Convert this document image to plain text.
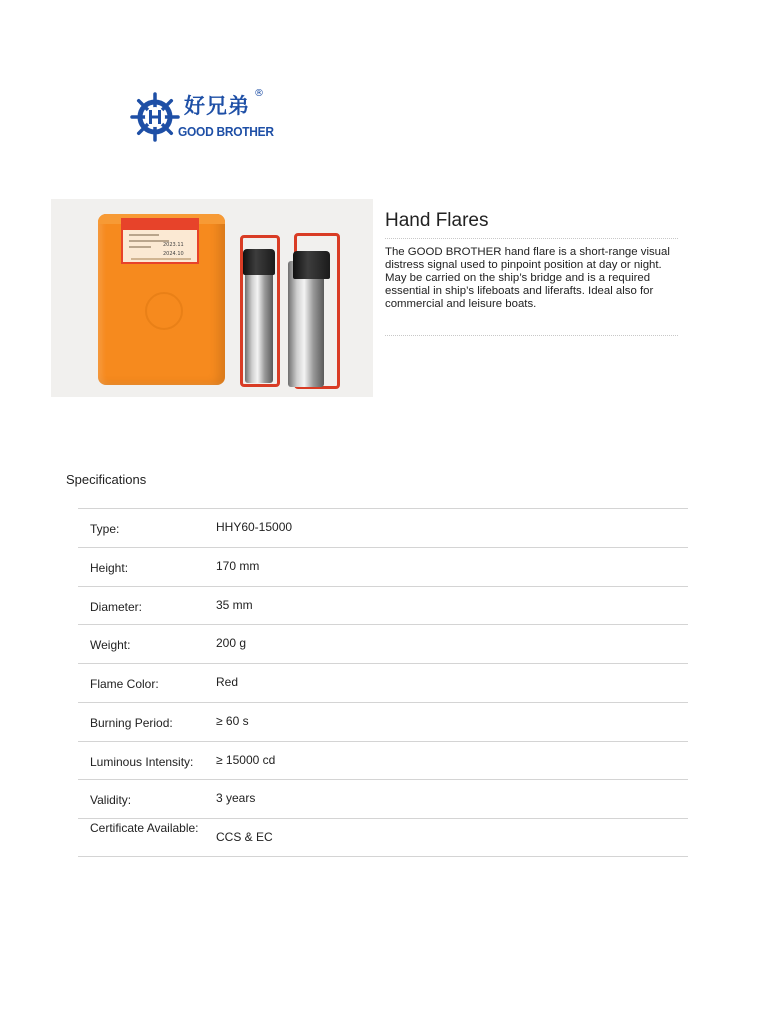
好兄弟
®
GOOD BROTHER
2023.11
2024.10
Hand Flares
The GOOD BROTHER hand flare is a short-range visual distress signal used to pinpoint position at day or night. May be carried on the ship’s bridge and is a required essential in ship’s lifeboats and liferafts. Ideal also for commercial and leisure boats.
Specifications
Type:	HHY60-15000
Height:	170 mm
Diameter:	35 mm
Weight:	200 g
Flame Color:	Red
Burning Period:	≥ 60 s
Luminous Intensity:	≥ 15000 cd
Validity:	3 years
Certificate Available:
CCS & EC
